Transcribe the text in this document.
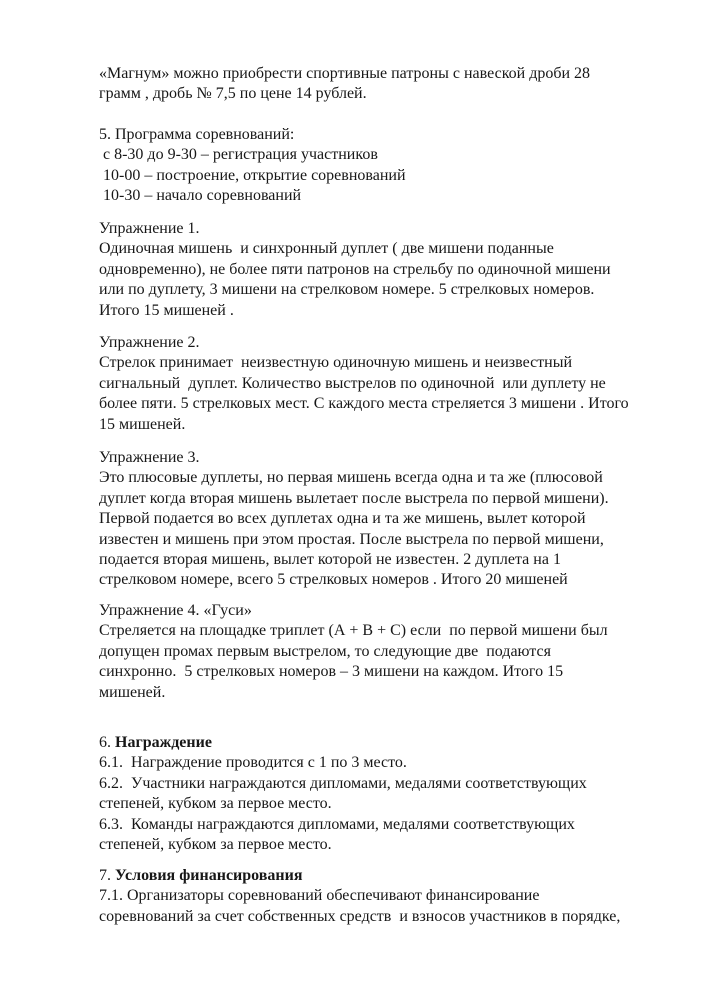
«Магнум» можно приобрести спортивные патроны с навеской дроби 28
грамм , дробь № 7,5 по цене 14 рублей.
5. Программа соревнований:
с 8-30 до 9-30 – регистрация участников
10-00 – построение, открытие соревнований
10-30 – начало соревнований
Упражнение 1.
Одиночная мишень  и синхронный дуплет ( две мишени поданные
одновременно), не более пяти патронов на стрельбу по одиночной мишени
или по дуплету, 3 мишени на стрелковом номере. 5 стрелковых номеров.
Итого 15 мишеней .
Упражнение 2.
Стрелок принимает  неизвестную одиночную мишень и неизвестный
сигнальный  дуплет. Количество выстрелов по одиночной  или дуплету не
более пяти. 5 стрелковых мест. С каждого места стреляется 3 мишени . Итого
15 мишеней.
Упражнение 3.
Это плюсовые дуплеты, но первая мишень всегда одна и та же (плюсовой
дуплет когда вторая мишень вылетает после выстрела по первой мишени).
Первой подается во всех дуплетах одна и та же мишень, вылет которой
известен и мишень при этом простая. После выстрела по первой мишени,
подается вторая мишень, вылет которой не известен. 2 дуплета на 1
стрелковом номере, всего 5 стрелковых номеров . Итого 20 мишеней
Упражнение 4. «Гуси»
Стреляется на площадке триплет (А + В + С) если  по первой мишени был
допущен промах первым выстрелом, то следующие две  подаются
синхронно.  5 стрелковых номеров – 3 мишени на каждом. Итого 15
мишеней.
6. Награждение
6.1.  Награждение проводится с 1 по 3 место.
6.2.  Участники награждаются дипломами, медалями соответствующих
степеней, кубком за первое место.
6.3.  Команды награждаются дипломами, медалями соответствующих
степеней, кубком за первое место.
7. Условия финансирования
7.1. Организаторы соревнований обеспечивают финансирование
соревнований за счет собственных средств  и взносов участников в порядке,
